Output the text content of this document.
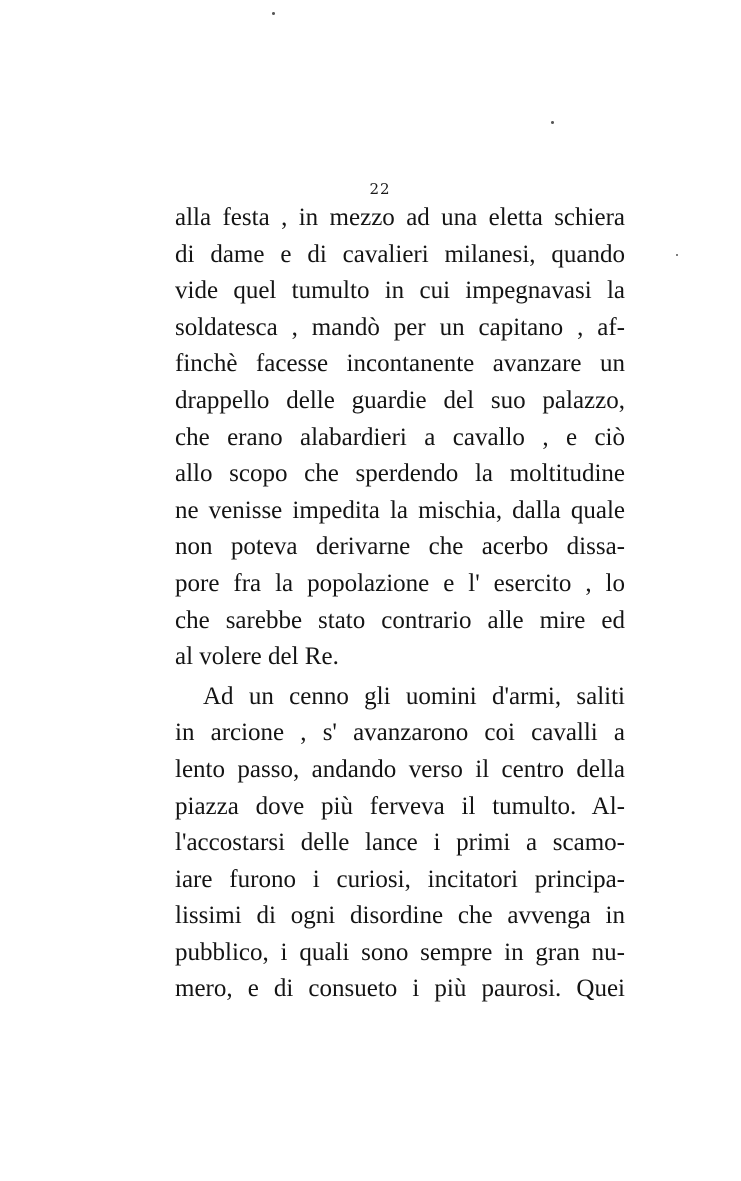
22
alla festa , in mezzo ad una eletta schiera
di dame e di cavalieri milanesi, quando
vide quel tumulto in cui impegnavasi la
soldatesca , mandò per un capitano , af-
finchè facesse incontanente avanzare un
drappello delle guardie del suo palazzo,
che erano alabardieri a cavallo , e ciò
allo scopo che sperdendo la moltitudine
ne venisse impedita la mischia, dalla quale
non poteva derivarne che acerbo dissa-
pore fra la popolazione e l' esercito , lo
che sarebbe stato contrario alle mire ed
al volere del Re.
Ad un cenno gli uomini d'armi, saliti
in arcione , s' avanzarono coi cavalli a
lento passo, andando verso il centro della
piazza dove più ferveva il tumulto. Al-
l'accostarsi delle lance i primi a scamo-
iare furono i curiosi, incitatori principa-
lissimi di ogni disordine che avvenga in
pubblico, i quali sono sempre in gran nu-
mero, e di consueto i più paurosi. Quei
